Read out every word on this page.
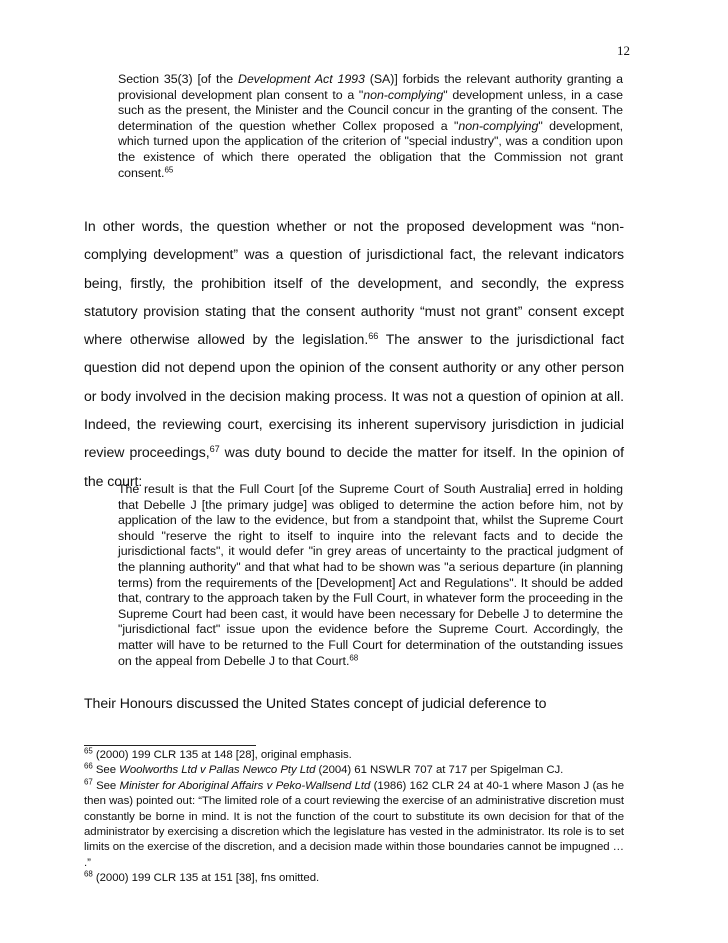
12
Section 35(3) [of the Development Act 1993 (SA)] forbids the relevant authority granting a provisional development plan consent to a "non-complying" development unless, in a case such as the present, the Minister and the Council concur in the granting of the consent. The determination of the question whether Collex proposed a "non-complying" development, which turned upon the application of the criterion of "special industry", was a condition upon the existence of which there operated the obligation that the Commission not grant consent.$^{65}$
In other words, the question whether or not the proposed development was “non-complying development” was a question of jurisdictional fact, the relevant indicators being, firstly, the prohibition itself of the development, and secondly, the express statutory provision stating that the consent authority “must not grant” consent except where otherwise allowed by the legislation.$^{66}$ The answer to the jurisdictional fact question did not depend upon the opinion of the consent authority or any other person or body involved in the decision making process. It was not a question of opinion at all. Indeed, the reviewing court, exercising its inherent supervisory jurisdiction in judicial review proceedings,$^{67}$ was duty bound to decide the matter for itself. In the opinion of the court:
The result is that the Full Court [of the Supreme Court of South Australia] erred in holding that Debelle J [the primary judge] was obliged to determine the action before him, not by application of the law to the evidence, but from a standpoint that, whilst the Supreme Court should "reserve the right to itself to inquire into the relevant facts and to decide the jurisdictional facts", it would defer "in grey areas of uncertainty to the practical judgment of the planning authority" and that what had to be shown was "a serious departure (in planning terms) from the requirements of the [Development] Act and Regulations". It should be added that, contrary to the approach taken by the Full Court, in whatever form the proceeding in the Supreme Court had been cast, it would have been necessary for Debelle J to determine the "jurisdictional fact" issue upon the evidence before the Supreme Court. Accordingly, the matter will have to be returned to the Full Court for determination of the outstanding issues on the appeal from Debelle J to that Court.$^{68}$
Their Honours discussed the United States concept of judicial deference to

$^{65}$ (2000) 199 CLR 135 at 148 [28], original emphasis.

$^{66}$ See Woolworths Ltd v Pallas Newco Pty Ltd (2004) 61 NSWLR 707 at 717 per Spigelman CJ.

$^{67}$ See Minister for Aboriginal Affairs v Peko-Wallsend Ltd (1986) 162 CLR 24 at 40-1 where Mason J (as he then was) pointed out: “The limited role of a court reviewing the exercise of an administrative discretion must constantly be borne in mind. It is not the function of the court to substitute its own decision for that of the administrator by exercising a discretion which the legislature has vested in the administrator. Its role is to set limits on the exercise of the discretion, and a decision made within those boundaries cannot be impugned … .”

$^{68}$ (2000) 199 CLR 135 at 151 [38], fns omitted.
